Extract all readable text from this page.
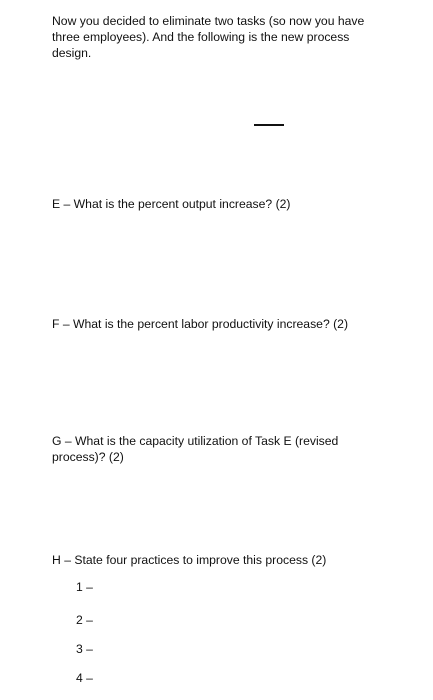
Now you decided to eliminate two tasks (so now you have three employees). And the following is the new process design.

E – What is the percent output increase? (2)

F – What is the percent labor productivity increase? (2)

G – What is the capacity utilization of Task E (revised process)? (2)

H – State four practices to improve this process (2)

1 –

2 –

3 –

4 –
